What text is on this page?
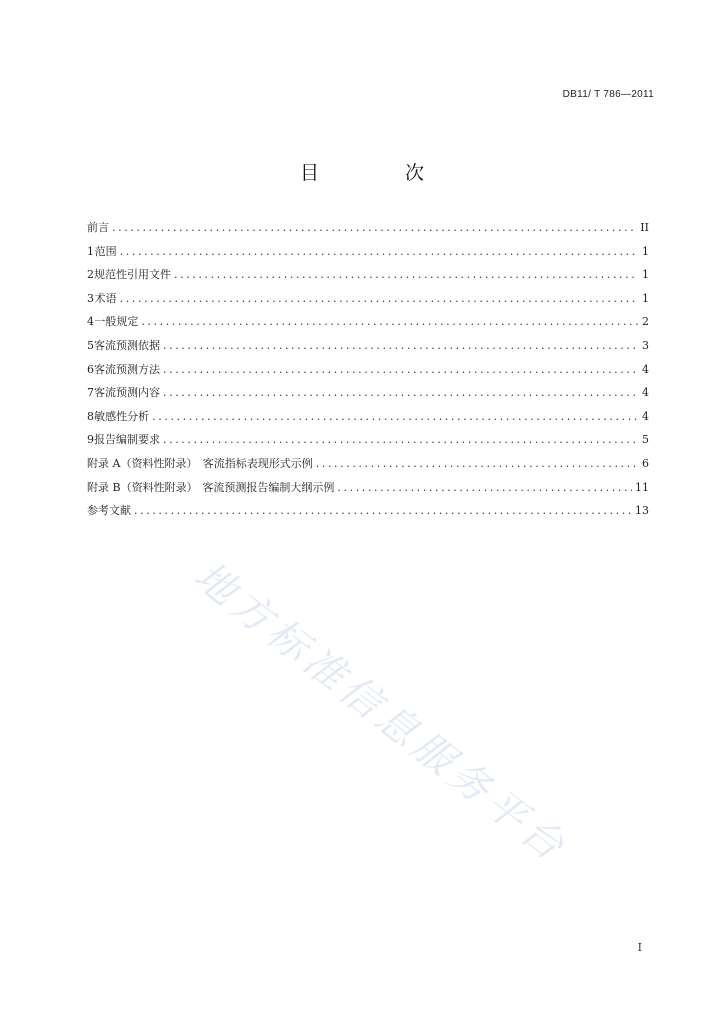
DB11/ T 786—2011
目 次
前言 .....	II
1 范围 .....	1
2 规范性引用文件 .....	1
3 术语 .....	1
4 一般规定 .....	2
5 客流预测依据 .....	3
6 客流预测方法 .....	4
7 客流预测内容 .....	4
8 敏感性分析 .....	4
9 报告编制要求 .....	5
附录 A（资料性附录） 客流指标表现形式示例 .....	6
附录 B（资料性附录） 客流预测报告编制大纲示例 .....	11
参考文献 .....	13
地方标准信息服务平台
I
